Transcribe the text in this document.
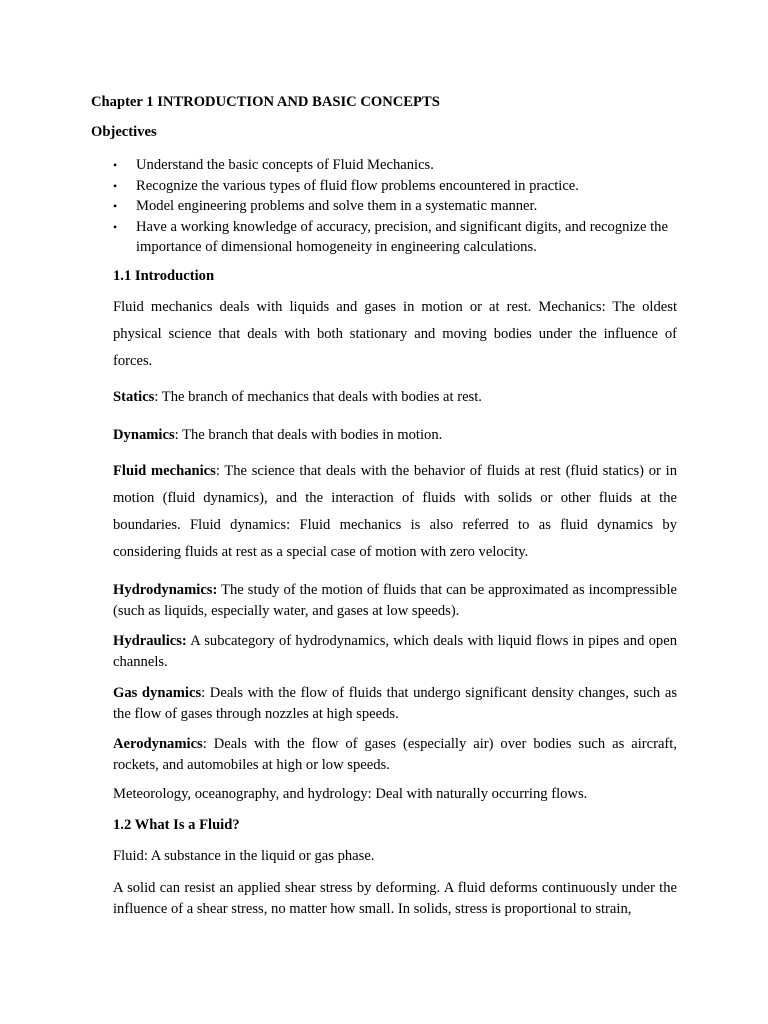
Chapter 1 INTRODUCTION AND BASIC CONCEPTS

Objectives

• Understand the basic concepts of Fluid Mechanics.
• Recognize the various types of fluid flow problems encountered in practice.
• Model engineering problems and solve them in a systematic manner.
• Have a working knowledge of accuracy, precision, and significant digits, and recognize the importance of dimensional homogeneity in engineering calculations.

1.1 Introduction

Fluid mechanics deals with liquids and gases in motion or at rest. Mechanics: The oldest physical science that deals with both stationary and moving bodies under the influence of forces.

Statics: The branch of mechanics that deals with bodies at rest.

Dynamics: The branch that deals with bodies in motion.

Fluid mechanics: The science that deals with the behavior of fluids at rest (fluid statics) or in motion (fluid dynamics), and the interaction of fluids with solids or other fluids at the boundaries. Fluid dynamics: Fluid mechanics is also referred to as fluid dynamics by considering fluids at rest as a special case of motion with zero velocity.

Hydrodynamics: The study of the motion of fluids that can be approximated as incompressible (such as liquids, especially water, and gases at low speeds).

Hydraulics: A subcategory of hydrodynamics, which deals with liquid flows in pipes and open channels.

Gas dynamics: Deals with the flow of fluids that undergo significant density changes, such as the flow of gases through nozzles at high speeds.

Aerodynamics: Deals with the flow of gases (especially air) over bodies such as aircraft, rockets, and automobiles at high or low speeds.

Meteorology, oceanography, and hydrology: Deal with naturally occurring flows.

1.2 What Is a Fluid?

Fluid: A substance in the liquid or gas phase.

A solid can resist an applied shear stress by deforming. A fluid deforms continuously under the influence of a shear stress, no matter how small. In solids, stress is proportional to strain,
